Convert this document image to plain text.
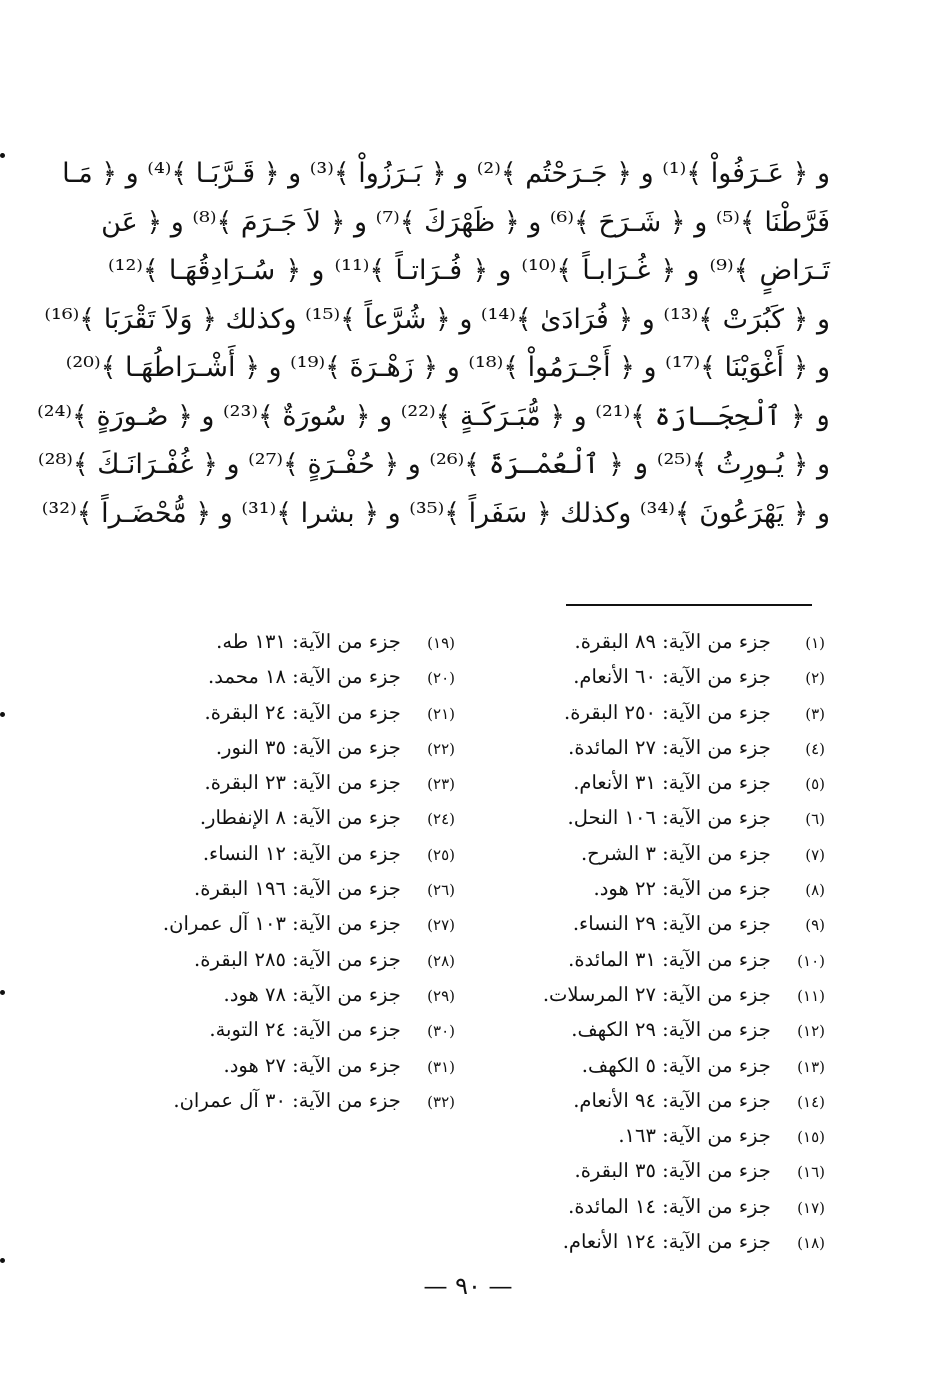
و ﴿ عَـرَفُواْ ﴾⁽¹⁾ و ﴿ جَـرَحْتُم ﴾⁽²⁾ و ﴿ بَـرَزُواْ ﴾⁽³⁾ و ﴿ قَـرَّبَـا ﴾⁽⁴⁾ و ﴿ مَـا
فَرَّطْنَا ﴾⁽⁵⁾ و ﴿ شَـرَحَ ﴾⁽⁶⁾ و ﴿ ظَهْرَكَ ﴾⁽⁷⁾ و ﴿ لاَ جَـرَمَ ﴾⁽⁸⁾ و ﴿ عَن
تَـرَاضٍ ﴾⁽⁹⁾ و ﴿ غُـرَابـاً ﴾⁽¹⁰⁾ و ﴿ فُـرَاتـاً ﴾⁽¹¹⁾ و ﴿ سُـرَادِقُهَـا ﴾⁽¹²⁾
و ﴿ كَبُرَتْ ﴾⁽¹³⁾ و ﴿ فُرَادَىٰ ﴾⁽¹⁴⁾ و ﴿ شُرَّعاً ﴾⁽¹⁵⁾ وكذلك ﴿ وَلاَ تَقْرَبَا ﴾⁽¹⁶⁾
و ﴿ أَغْوَيْنَا ﴾⁽¹⁷⁾ و ﴿ أَجْـرَمُواْ ﴾⁽¹⁸⁾ و ﴿ زَهْـرَةَ ﴾⁽¹⁹⁾ و ﴿ أَشْـرَاطُهَـا ﴾⁽²⁰⁾
و ﴿ ٱلْحِجَـارَة ﴾⁽²¹⁾ و ﴿ مُّبَـرَكَـةٍ ﴾⁽²²⁾ و ﴿ سُورَةٌ ﴾⁽²³⁾ و ﴿ صُـورَةٍ ﴾⁽²⁴⁾
و ﴿ يُـورِثُ ﴾⁽²⁵⁾ و ﴿ ٱلْعُمْـرَةَ ﴾⁽²⁶⁾ و ﴿ حُفْـرَةٍ ﴾⁽²⁷⁾ و ﴿ غُفْـرَانَـكَ ﴾⁽²⁸⁾
و ﴿ يَهْرَعُونَ ﴾⁽³⁴⁾ وكذلك ﴿ سَفَراً ﴾⁽³⁵⁾ و ﴿ بشرا ﴾⁽³¹⁾ و ﴿ مُّحْضَـراً ﴾⁽³²⁾
(١) جزء من الآية: ٨٩ البقرة.
(٢) جزء من الآية: ٦٠ الأنعام.
(٣) جزء من الآية: ٢٥٠ البقرة.
(٤) جزء من الآية: ٢٧ المائدة.
(٥) جزء من الآية: ٣١ الأنعام.
(٦) جزء من الآية: ١٠٦ النحل.
(٧) جزء من الآية: ٣ الشرح.
(٨) جزء من الآية: ٢٢ هود.
(٩) جزء من الآية: ٢٩ النساء.
(١٠) جزء من الآية: ٣١ المائدة.
(١١) جزء من الآية: ٢٧ المرسلات.
(١٢) جزء من الآية: ٢٩ الكهف.
(١٣) جزء من الآية: ٥ الكهف.
(١٤) جزء من الآية: ٩٤ الأنعام.
(١٥) جزء من الآية: ١٦٣.
(١٦) جزء من الآية: ٣٥ البقرة.
(١٧) جزء من الآية: ١٤ المائدة.
(١٨) جزء من الآية: ١٢٤ الأنعام.
(١٩) جزء من الآية: ١٣١ طه.
(٢٠) جزء من الآية: ١٨ محمد.
(٢١) جزء من الآية: ٢٤ البقرة.
(٢٢) جزء من الآية: ٣٥ النور.
(٢٣) جزء من الآية: ٢٣ البقرة.
(٢٤) جزء من الآية: ٨ الإنفطار.
(٢٥) جزء من الآية: ١٢ النساء.
(٢٦) جزء من الآية: ١٩٦ البقرة.
(٢٧) جزء من الآية: ١٠٣ آل عمران.
(٢٨) جزء من الآية: ٢٨٥ البقرة.
(٢٩) جزء من الآية: ٧٨ هود.
(٣٠) جزء من الآية: ٢٤ التوبة.
(٣١) جزء من الآية: ٢٧ هود.
(٣٢) جزء من الآية: ٣٠ آل عمران.
— ٩٠ —
